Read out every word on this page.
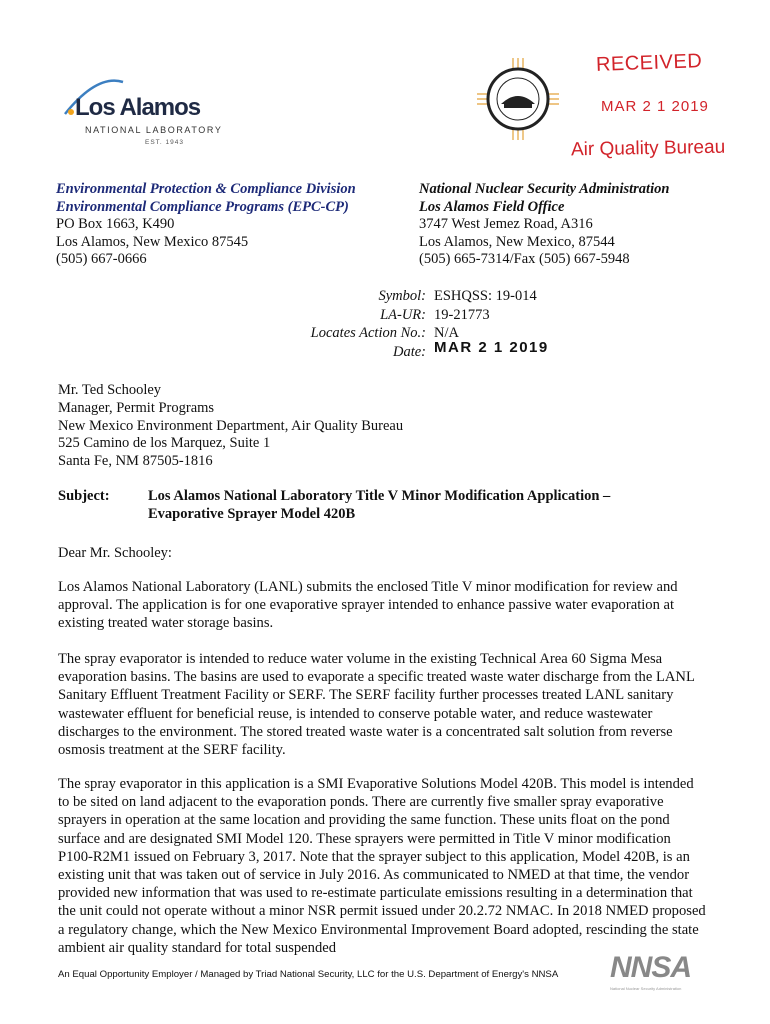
Los Alamos
NATIONAL LABORATORY
EST. 1943
RECEIVED
MAR 2 1 2019
Air Quality Bureau
Environmental Protection & Compliance Division
Environmental Compliance Programs (EPC-CP)
PO Box 1663, K490
Los Alamos, New Mexico 87545
(505) 667-0666
National Nuclear Security Administration
Los Alamos Field Office
3747 West Jemez Road, A316
Los Alamos, New Mexico, 87544
(505) 665-7314/Fax (505) 667-5948
Symbol: ESHQSS: 19-014
LA-UR: 19-21773
Locates Action No.: N/A
Date: MAR 2 1 2019
Mr. Ted Schooley
Manager, Permit Programs
New Mexico Environment Department, Air Quality Bureau
525 Camino de los Marquez, Suite 1
Santa Fe, NM 87505-1816
Subject:	Los Alamos National Laboratory Title V Minor Modification Application –
Evaporative Sprayer Model 420B
Dear Mr. Schooley:

Los Alamos National Laboratory (LANL) submits the enclosed Title V minor modification for review and approval. The application is for one evaporative sprayer intended to enhance passive water evaporation at existing treated water storage basins.

The spray evaporator is intended to reduce water volume in the existing Technical Area 60 Sigma Mesa evaporation basins. The basins are used to evaporate a specific treated waste water discharge from the LANL Sanitary Effluent Treatment Facility or SERF. The SERF facility further processes treated LANL sanitary wastewater effluent for beneficial reuse, is intended to conserve potable water, and reduce wastewater discharges to the environment. The stored treated waste water is a concentrated salt solution from reverse osmosis treatment at the SERF facility.

The spray evaporator in this application is a SMI Evaporative Solutions Model 420B. This model is intended to be sited on land adjacent to the evaporation ponds. There are currently five smaller spray evaporative sprayers in operation at the same location and providing the same function. These units float on the pond surface and are designated SMI Model 120. These sprayers were permitted in Title V minor modification P100-R2M1 issued on February 3, 2017. Note that the sprayer subject to this application, Model 420B, is an existing unit that was taken out of service in July 2016. As communicated to NMED at that time, the vendor provided new information that was used to re-estimate particulate emissions resulting in a determination that the unit could not operate without a minor NSR permit issued under 20.2.72 NMAC. In 2018 NMED proposed a regulatory change, which the New Mexico Environmental Improvement Board adopted, rescinding the state ambient air quality standard for total suspended

An Equal Opportunity Employer / Managed by Triad National Security, LLC for the U.S. Department of Energy's NNSA NNSA
National Nuclear Security Administration
